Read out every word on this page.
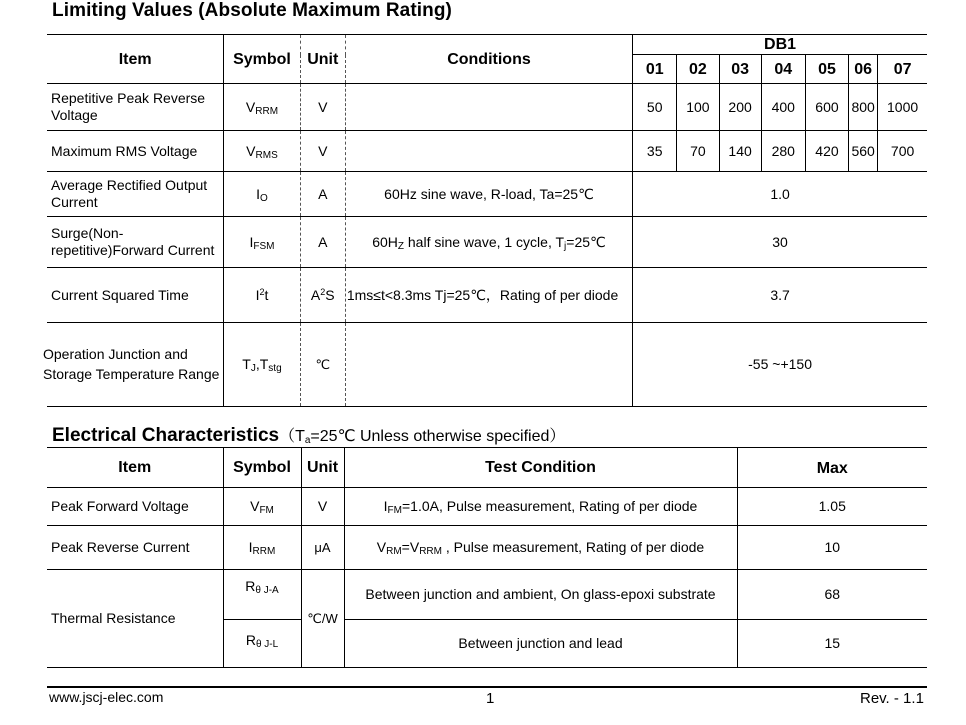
Limiting Values (Absolute Maximum Rating)
Item	Symbol	Unit	Conditions	DB1						
				01	02	03	04	05	06	07
Repetitive Peak Reverse Voltage	$V_{RRM}$	V		50	100	200	400	600	800	1000
Maximum RMS Voltage	$V_{RMS}$	V		35	70	140	280	420	560	700
Average Rectified Output Current	$I_O$	A	60Hz sine wave, R-load, Ta=25℃	1.0						
Surge(Non-repetitive)Forward Current	$I_{FSM}$	A	$60H_Z$ half sine wave, 1 cycle, $T_j=25℃$	30						
Current Squared Time	$I^2t$	$A^2S$	1ms≤t<8.3ms Tj=25℃，Rating of per diode	3.7						

Operation Junction and
Storage Temperature Range	$T_J,T_{stg}$	℃		-55 ~+150						
Electrical $Characteristics(T_a=25℃$ Unless otherwise specified）
Item	Symbol	Unit	Test Condition	Max
Peak Forward Voltage	$V_{FM}$	V	$I_{FM}=1.0A$, Pulse measurement, Rating of per diode	1.05
Peak Reverse Current	$I_{RRM}$	μA	$V_{RM}=V_{RRM}$ , Pulse measurement, Rating of per diode	10
Thermal Resistance	$R_{\theta J-A}$	℃/W	Between junction and ambient, On glass-epoxi substrate	68
	$R_{\theta J-L}$		Between junction and lead	15
www.jscj-elec.com	1	Rev. - 1.1
